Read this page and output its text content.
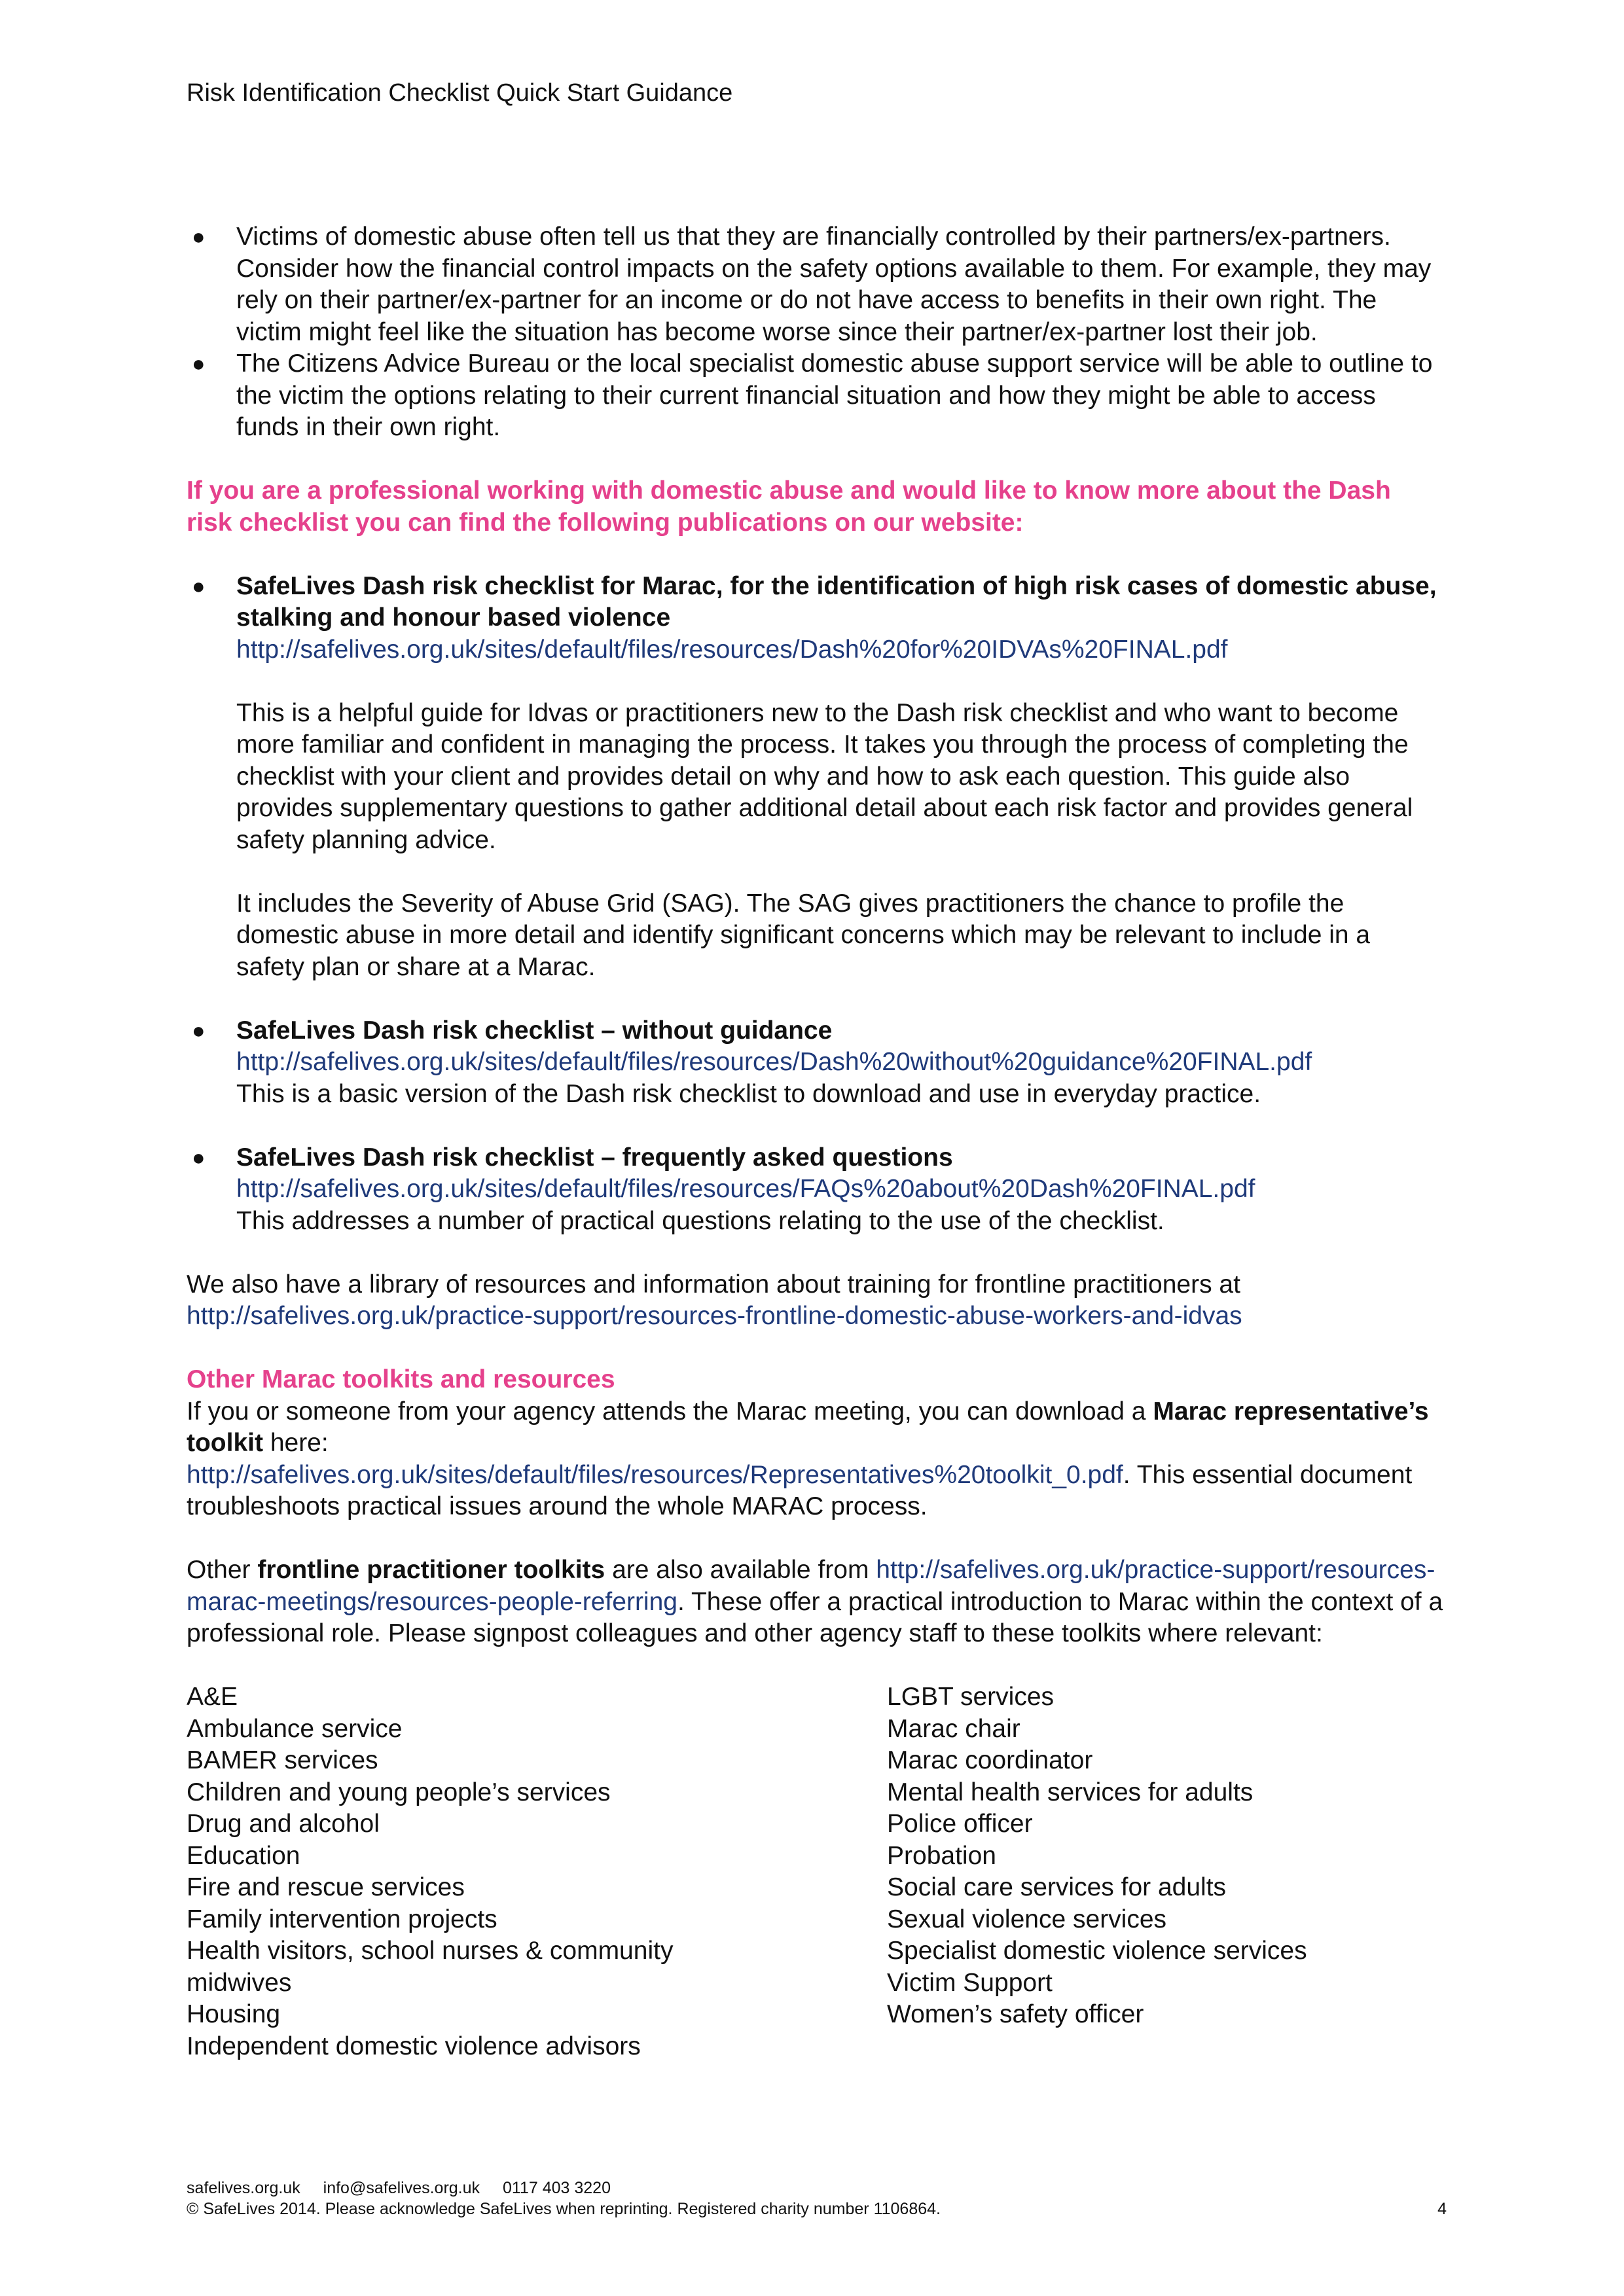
Risk Identification Checklist Quick Start Guidance
● Victims of domestic abuse often tell us that they are financially controlled by their partners/ex-partners. Consider how the financial control impacts on the safety options available to them. For example, they may rely on their partner/ex-partner for an income or do not have access to benefits in their own right. The victim might feel like the situation has become worse since their partner/ex-partner lost their job.
● The Citizens Advice Bureau or the local specialist domestic abuse support service will be able to outline to the victim the options relating to their current financial situation and how they might be able to access funds in their own right.

If you are a professional working with domestic abuse and would like to know more about the Dash risk checklist you can find the following publications on our website:

● SafeLives Dash risk checklist for Marac, for the identification of high risk cases of domestic abuse, stalking and honour based violence
http://safelives.org.uk/sites/default/files/resources/Dash%20for%20IDVAs%20FINAL.pdf

This is a helpful guide for Idvas or practitioners new to the Dash risk checklist and who want to become more familiar and confident in managing the process. It takes you through the process of completing the checklist with your client and provides detail on why and how to ask each question. This guide also provides supplementary questions to gather additional detail about each risk factor and provides general safety planning advice.

It includes the Severity of Abuse Grid (SAG). The SAG gives practitioners the chance to profile the domestic abuse in more detail and identify significant concerns which may be relevant to include in a safety plan or share at a Marac.

● SafeLives Dash risk checklist – without guidance
http://safelives.org.uk/sites/default/files/resources/Dash%20without%20guidance%20FINAL.pdf

This is a basic version of the Dash risk checklist to download and use in everyday practice.

● SafeLives Dash risk checklist – frequently asked questions
http://safelives.org.uk/sites/default/files/resources/FAQs%20about%20Dash%20FINAL.pdf

This addresses a number of practical questions relating to the use of the checklist.

We also have a library of resources and information about training for frontline practitioners at
http://safelives.org.uk/practice-support/resources-frontline-domestic-abuse-workers-and-idvas

Other Marac toolkits and resources

If you or someone from your agency attends the Marac meeting, you can download a Marac representative’s toolkit here:
http://safelives.org.uk/sites/default/files/resources/Representatives%20toolkit_0.pdf. This essential document troubleshoots practical issues around the whole MARAC process.

Other frontline practitioner toolkits are also available from http://safelives.org.uk/practice-support/resources-marac-meetings/resources-people-referring. These offer a practical introduction to Marac within the context of a professional role. Please signpost colleagues and other agency staff to these toolkits where relevant:

A&E
Ambulance service
BAMER services
Children and young people’s services
Drug and alcohol
Education
Fire and rescue services
Family intervention projects
Health visitors, school nurses & community midwives
Housing
Independent domestic violence advisors
LGBT services
Marac chair
Marac coordinator
Mental health services for adults
Police officer
Probation
Social care services for adults
Sexual violence services
Specialist domestic violence services
Victim Support
Women’s safety officer
safelives.org.uk info@safelives.org.uk 0117 403 3220
© SafeLives 2014. Please acknowledge SafeLives when reprinting. Registered charity number 1106864.	4
